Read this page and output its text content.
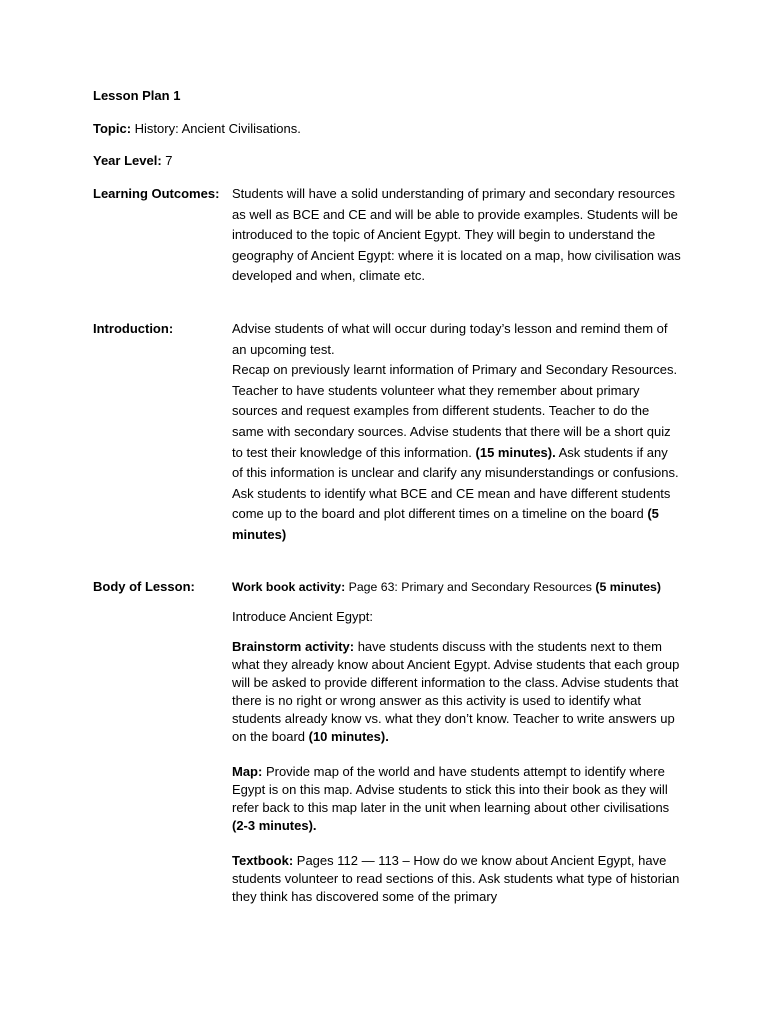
Lesson Plan 1
Topic: History: Ancient Civilisations.
Year Level: 7
Learning Outcomes: Students will have a solid understanding of primary and secondary resources as well as BCE and CE and will be able to provide examples. Students will be introduced to the topic of Ancient Egypt. They will begin to understand the geography of Ancient Egypt: where it is located on a map, how civilisation was developed and when, climate etc.

Introduction:	Advise students of what will occur during today’s lesson and remind them of an upcoming test.

Recap on previously learnt information of Primary and Secondary Resources. Teacher to have students volunteer what they remember about primary sources and request examples from different students. Teacher to do the same with secondary sources. Advise students that there will be a short quiz to test their knowledge of this information. (15 minutes). Ask students if any of this information is unclear and clarify any misunderstandings or confusions.

Ask students to identify what BCE and CE mean and have different students come up to the board and plot different times on a timeline on the board (5 minutes)

Body of Lesson:	Work book activity: Page 63: Primary and Secondary Resources (5 minutes)

Introduce Ancient Egypt:

Brainstorm activity: have students discuss with the students next to them what they already know about Ancient Egypt. Advise students that each group will be asked to provide different information to the class. Advise students that there is no right or wrong answer as this activity is used to identify what students already know vs. what they don’t know. Teacher to write answers up on the board (10 minutes).

Map: Provide map of the world and have students attempt to identify where Egypt is on this map. Advise students to stick this into their book as they will refer back to this map later in the unit when learning about other civilisations (2-3 minutes).

Textbook: Pages 112 — 113 – How do we know about Ancient Egypt, have students volunteer to read sections of this. Ask students what type of historian they think has discovered some of the primary
